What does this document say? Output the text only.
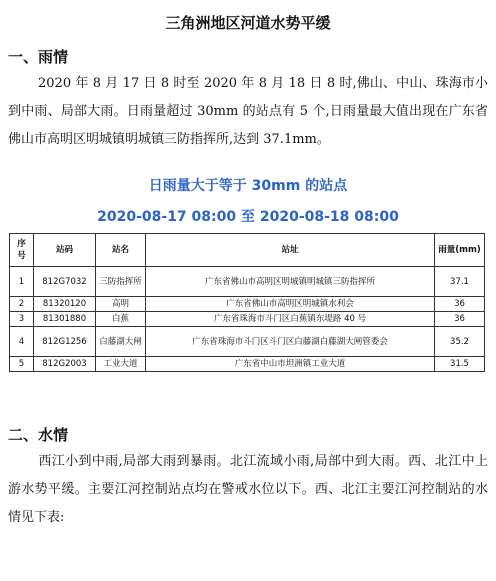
三角洲地区河道水势平缓
一、雨情

2020 年 8 月 17 日 8 时至 2020 年 8 月 18 日 8 时,佛山、中山、珠海市小到中雨、局部大雨。日雨量超过 30mm 的站点有 5 个,日雨量最大值出现在广东省佛山市高明区明城镇明城镇三防指挥所,达到 37.1mm。

日雨量大于等于 30mm 的站点
2020-08-17 08:00 至 2020-08-18 08:00
序号	站码	站名	站址	雨量(mm)
1	812G7032	三防指挥所	广东省佛山市高明区明城镇明城镇三防指挥所	37.1
2	81320120	高明	广东省佛山市高明区明城镇水利会	36
3	81301880	白蕉	广东省珠海市斗门区白蕉镇东堤路 40 号	36
4	812G1256	白藤湖大闸	广东省珠海市斗门区斗门区白藤湖白藤湖大闸管委会	35.2
5	812G2003	工业大道	广东省中山市坦洲镇工业大道	31.5
二、水情

西江小到中雨,局部大雨到暴雨。北江流域小雨,局部中到大雨。西、北江中上游水势平缓。主要江河控制站点均在警戒水位以下。西、北江主要江河控制站的水情见下表:
